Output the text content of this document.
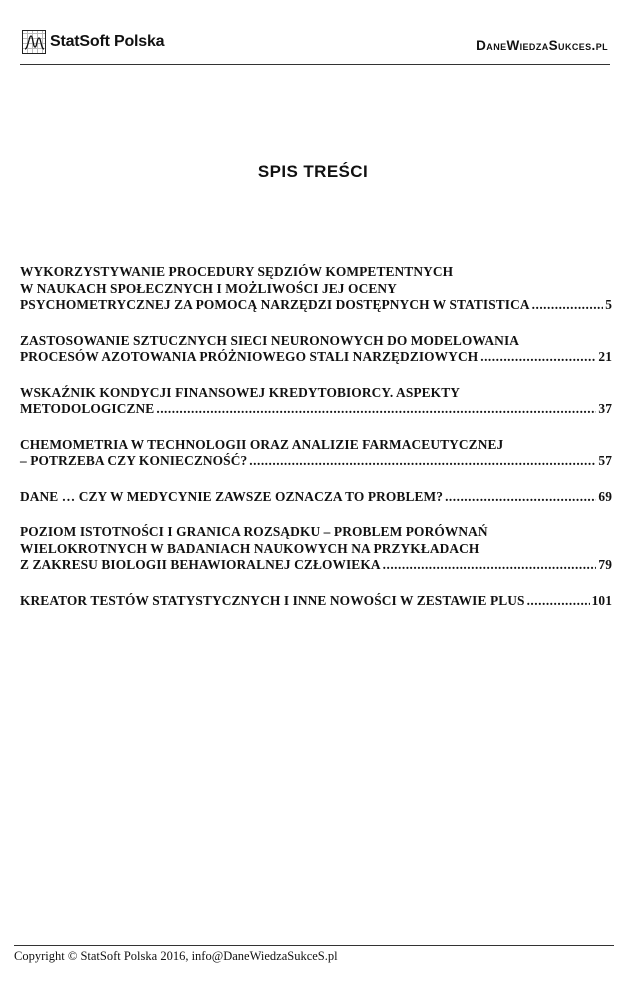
StatSoft Polska	DaneWiedzaSukces.pl
SPIS TREŚCI
WYKORZYSTYWANIE PROCEDURY SĘDZIÓW KOMPETENTNYCH
W NAUKACH SPOŁECZNYCH I MOŻLIWOŚCI JEJ OCENY
PSYCHOMETRYCZNEJ ZA POMOCĄ NARZĘDZI DOSTĘPNYCH W STATISTICA .....	5
ZASTOSOWANIE SZTUCZNYCH SIECI NEURONOWYCH DO MODELOWANIA
PROCESÓW AZOTOWANIA PRÓŻNIOWEGO STALI NARZĘDZIOWYCH .....	21
WSKAŹNIK KONDYCJI FINANSOWEJ KREDYTOBIORCY. ASPEKTY
METODOLOGICZNE .....	37
CHEMOMETRIA W TECHNOLOGII ORAZ ANALIZIE FARMACEUTYCZNEJ
– POTRZEBA CZY KONIECZNOŚĆ? .....	57
DANE … CZY W MEDYCYNIE ZAWSZE OZNACZA TO PROBLEM? .....	69
POZIOM ISTOTNOŚCI I GRANICA ROZSĄDKU – PROBLEM PORÓWNAŃ
WIELOKROTNYCH W BADANIACH NAUKOWYCH NA PRZYKŁADACH
Z ZAKRESU BIOLOGII BEHAWIORALNEJ CZŁOWIEKA .....	79
KREATOR TESTÓW STATYSTYCZNYCH I INNE NOWOŚCI W ZESTAWIE PLUS .....	101
Copyright © StatSoft Polska 2016, info@DaneWiedzaSukceS.pl
